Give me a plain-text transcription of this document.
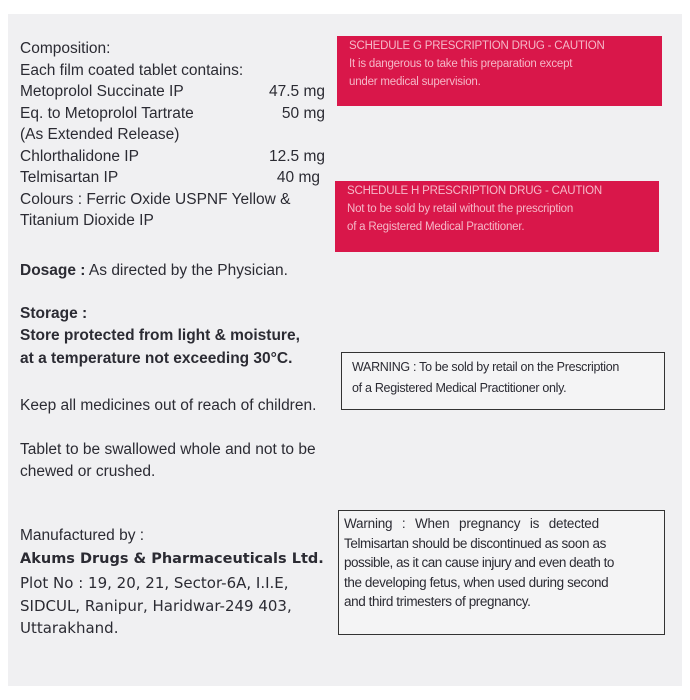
Composition:
Each film coated tablet contains:
Metoprolol Succinate IP	47.5 mg
Eq. to Metoprolol Tartrate	50 mg
(As Extended Release)
Chlorthalidone IP	12.5 mg
Telmisartan IP	40 mg
Colours : Ferric Oxide USPNF Yellow &
Titanium Dioxide IP
Dosage : As directed by the Physician.
Storage :
Store protected from light & moisture,
at a temperature not exceeding 30°C.
Keep all medicines out of reach of children.
Tablet to be swallowed whole and not to be
chewed or crushed.
Manufactured by :
Akums Drugs & Pharmaceuticals Ltd.
Plot No : 19, 20, 21, Sector-6A, I.I.E,
SIDCUL, Ranipur, Haridwar-249 403,
Uttarakhand.
SCHEDULE G PRESCRIPTION DRUG - CAUTION
It is dangerous to take this preparation except
under medical supervision.
SCHEDULE H PRESCRIPTION DRUG - CAUTION
Not to be sold by retail without the prescription
of a Registered Medical Practitioner.
WARNING : To be sold by retail on the Prescription
of a Registered Medical Practitioner only.
Warning : When pregnancy is detected
Telmisartan should be discontinued as soon as
possible, as it can cause injury and even death to
the developing fetus, when used during second
and third trimesters of pregnancy.
